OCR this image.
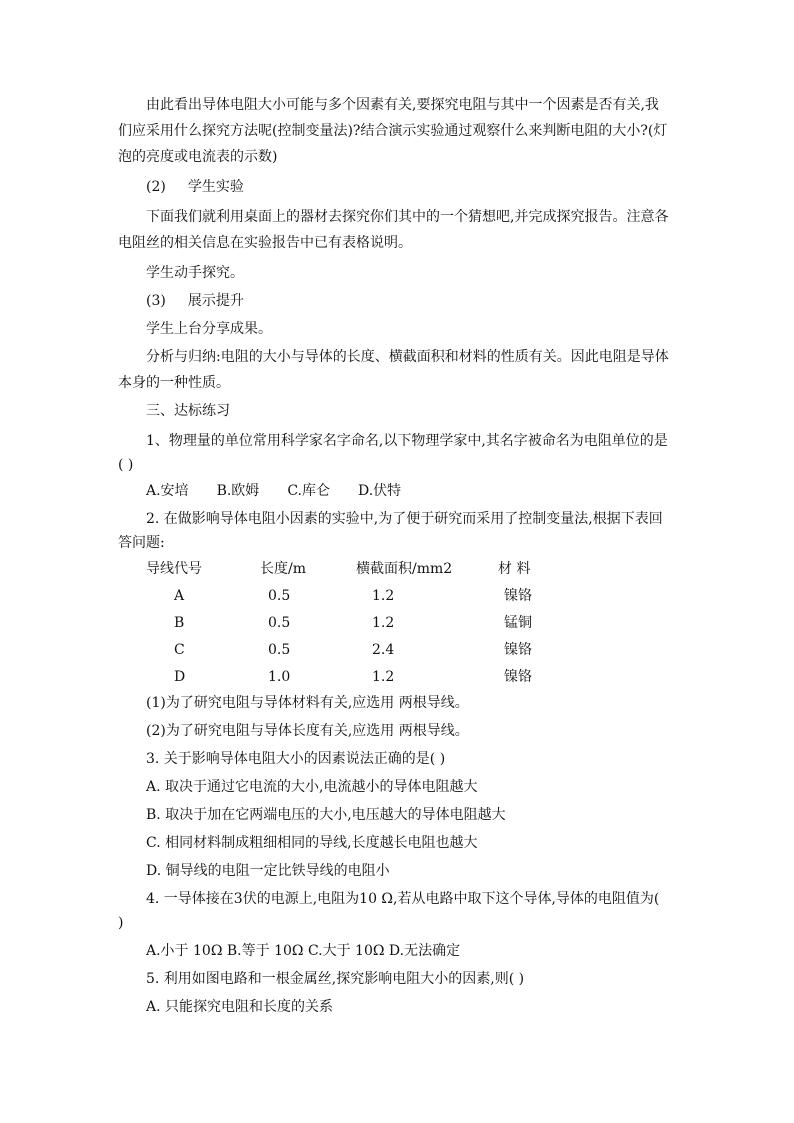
由此看出导体电阻大小可能与多个因素有关,要探究电阻与其中一个因素是否有关,我
们应采用什么探究方法呢(控制变量法)?结合演示实验通过观察什么来判断电阻的大小?(灯
泡的亮度或电流表的示数)
(2) 学生实验
下面我们就利用桌面上的器材去探究你们其中的一个猜想吧,并完成探究报告。注意各
电阻丝的相关信息在实验报告中已有表格说明。
学生动手探究。
(3) 展示提升
学生上台分享成果。
分析与归纳:电阻的大小与导体的长度、横截面积和材料的性质有关。因此电阻是导体
本身的一种性质。
三、达标练习
1、物理量的单位常用科学家名字命名,以下物理学家中,其名字被命名为电阻单位的是
( )
A.安培 B.欧姆 C.库仑 D.伏特
2. 在做影响导体电阻小因素的实验中,为了便于研究而采用了控制变量法,根据下表回
答问题:
导线代号	长度/m	横截面积/mm2	材 料
A	0.5	1.2	镍铬
B	0.5	1.2	锰铜
C	0.5	2.4	镍铬
D	1.0	1.2	镍铬
(1)为了研究电阻与导体材料有关,应选用 两根导线。
(2)为了研究电阻与导体长度有关,应选用 两根导线。
3. 关于影响导体电阻大小的因素说法正确的是( )
A. 取决于通过它电流的大小,电流越小的导体电阻越大
B. 取决于加在它两端电压的大小,电压越大的导体电阻越大
C. 相同材料制成粗细相同的导线,长度越长电阻也越大
D. 铜导线的电阻一定比铁导线的电阻小
4. 一导体接在3伏的电源上,电阻为10 Ω,若从电路中取下这个导体,导体的电阻值为(
)
A.小于 10Ω B.等于 10Ω C.大于 10Ω D.无法确定
5. 利用如图电路和一根金属丝,探究影响电阻大小的因素,则( )
A. 只能探究电阻和长度的关系
